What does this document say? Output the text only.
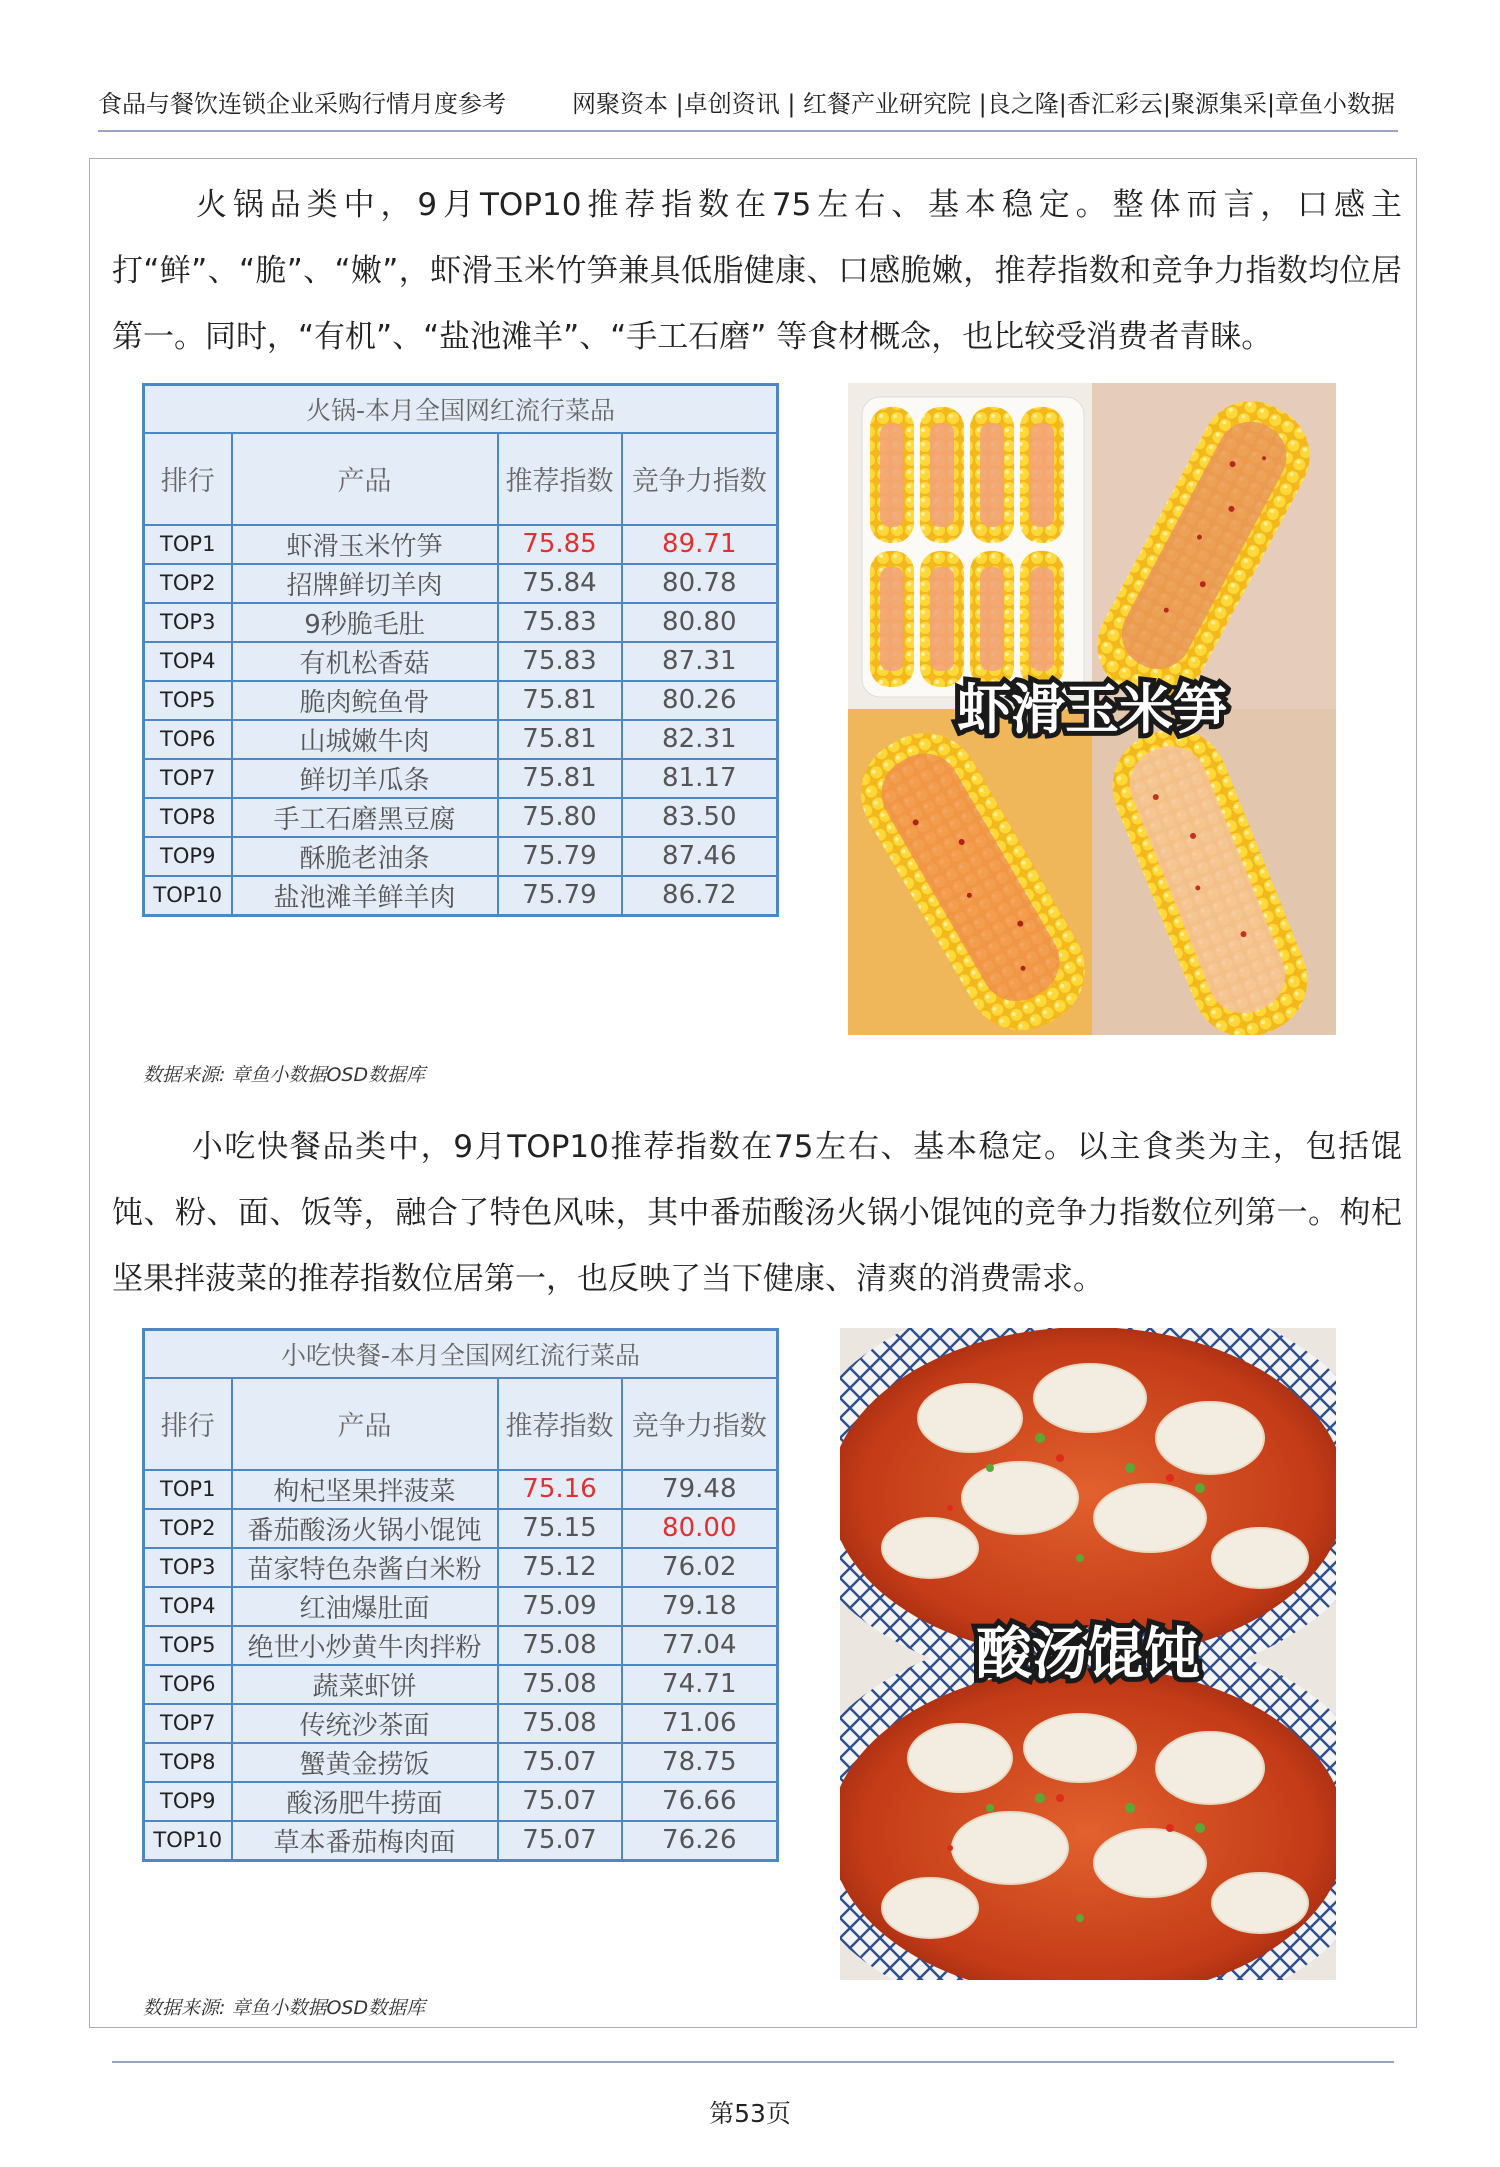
食品与餐饮连锁企业采购行情月度参考	网聚资本 |卓创资讯 | 红餐产业研究院 |良之隆|香汇彩云|聚源集采|章鱼小数据

火锅品类中，9月TOP10推荐指数在75左右、基本稳定。整体而言，口感主打“鲜”、“脆”、“嫩”，虾滑玉米竹笋兼具低脂健康、口感脆嫩，推荐指数和竞争力指数均位居第一。同时，“有机”、“盐池滩羊”、“手工石磨” 等食材概念，也比较受消费者青睐。

火锅-本月全国网红流行菜品			
排行	产品	推荐指数	竞争力指数
TOP1	虾滑玉米竹笋	75.85	89.71
TOP2	招牌鲜切羊肉	75.84	80.78
TOP3	9秒脆毛肚	75.83	80.80
TOP4	有机松香菇	75.83	87.31
TOP5	脆肉鲩鱼骨	75.81	80.26
TOP6	山城嫩牛肉	75.81	82.31
TOP7	鲜切羊瓜条	75.81	81.17
TOP8	手工石磨黑豆腐	75.80	83.50
TOP9	酥脆老油条	75.79	87.46
TOP10	盐池滩羊鲜羊肉	75.79	86.72
数据来源: 章鱼小数据OSD数据库
虾滑玉米笋

小吃快餐品类中，9月TOP10推荐指数在75左右、基本稳定。以主食类为主，包括馄饨、粉、面、饭等，融合了特色风味，其中番茄酸汤火锅小馄饨的竞争力指数位列第一。枸杞坚果拌菠菜的推荐指数位居第一，也反映了当下健康、清爽的消费需求。

小吃快餐-本月全国网红流行菜品			
排行	产品	推荐指数	竞争力指数
TOP1	枸杞坚果拌菠菜	75.16	79.48
TOP2	番茄酸汤火锅小馄饨	75.15	80.00
TOP3	苗家特色杂酱白米粉	75.12	76.02
TOP4	红油爆肚面	75.09	79.18
TOP5	绝世小炒黄牛肉拌粉	75.08	77.04
TOP6	蔬菜虾饼	75.08	74.71
TOP7	传统沙茶面	75.08	71.06
TOP8	蟹黄金捞饭	75.07	78.75
TOP9	酸汤肥牛捞面	75.07	76.66
TOP10	草本番茄梅肉面	75.07	76.26
数据来源: 章鱼小数据OSD数据库
酸汤馄饨
第53页
